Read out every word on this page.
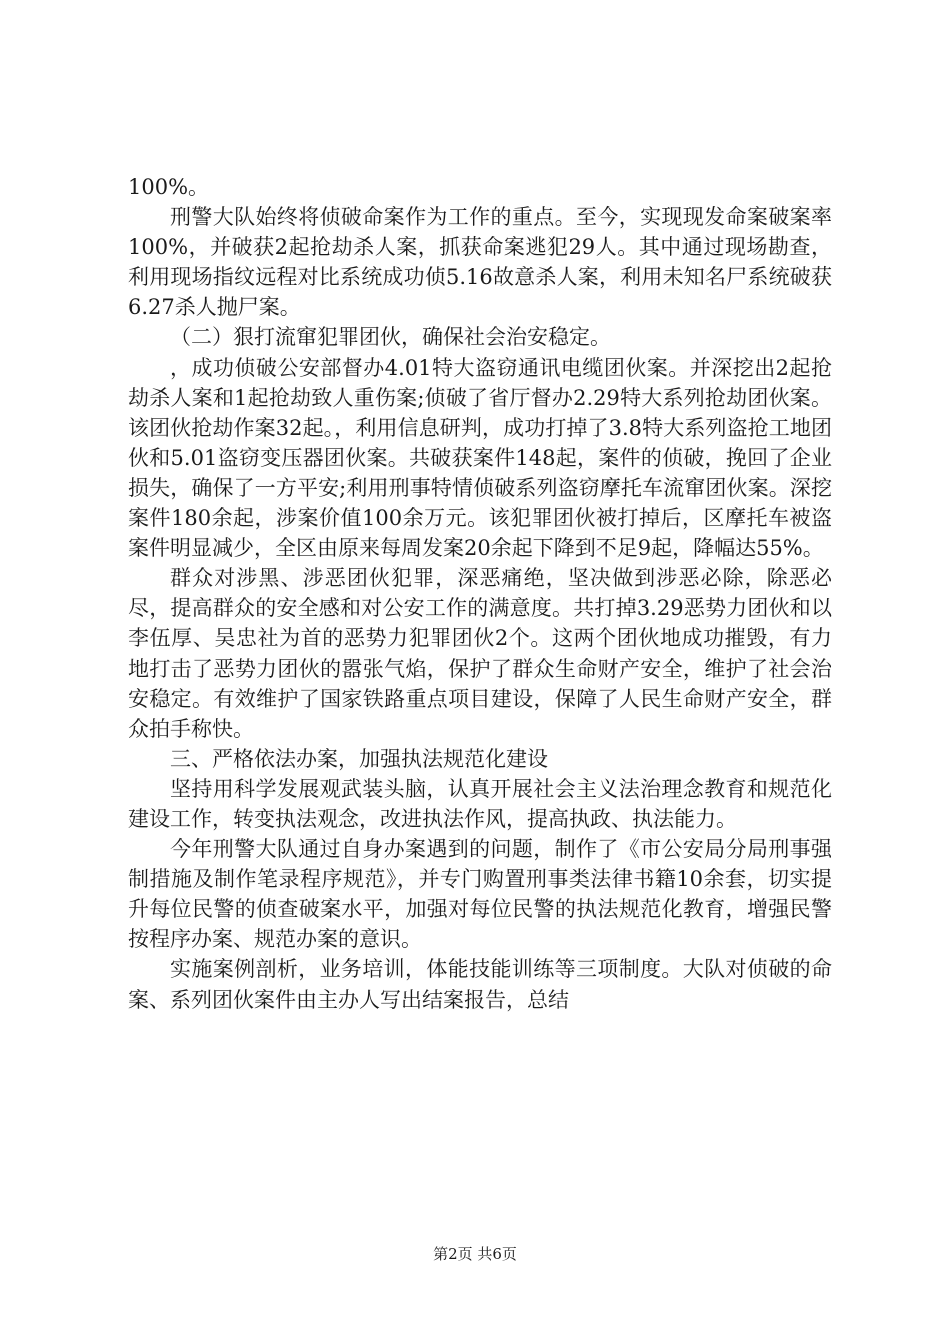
100%。

刑警大队始终将侦破命案作为工作的重点。至今，实现现发命案破案率100%，并破获2起抢劫杀人案，抓获命案逃犯29人。其中通过现场勘查，利用现场指纹远程对比系统成功侦5.16故意杀人案，利用未知名尸系统破获6.27杀人抛尸案。

（二）狠打流窜犯罪团伙，确保社会治安稳定。

，成功侦破公安部督办4.01特大盗窃通讯电缆团伙案。并深挖出2起抢劫杀人案和1起抢劫致人重伤案;侦破了省厅督办2.29特大系列抢劫团伙案。该团伙抢劫作案32起。，利用信息研判，成功打掉了3.8特大系列盗抢工地团伙和5.01盗窃变压器团伙案。共破获案件148起，案件的侦破，挽回了企业损失，确保了一方平安;利用刑事特情侦破系列盗窃摩托车流窜团伙案。深挖案件180余起，涉案价值100余万元。该犯罪团伙被打掉后，区摩托车被盗案件明显减少，全区由原来每周发案20余起下降到不足9起，降幅达55%。

群众对涉黑、涉恶团伙犯罪，深恶痛绝，坚决做到涉恶必除，除恶必尽，提高群众的安全感和对公安工作的满意度。共打掉3.29恶势力团伙和以李伍厚、吴忠社为首的恶势力犯罪团伙2个。这两个团伙地成功摧毁，有力地打击了恶势力团伙的嚣张气焰，保护了群众生命财产安全，维护了社会治安稳定。有效维护了国家铁路重点项目建设，保障了人民生命财产安全，群众拍手称快。

三、严格依法办案，加强执法规范化建设

坚持用科学发展观武装头脑，认真开展社会主义法治理念教育和规范化建设工作，转变执法观念，改进执法作风，提高执政、执法能力。

今年刑警大队通过自身办案遇到的问题，制作了《市公安局分局刑事强制措施及制作笔录程序规范》，并专门购置刑事类法律书籍10余套，切实提升每位民警的侦查破案水平，加强对每位民警的执法规范化教育，增强民警按程序办案、规范办案的意识。

实施案例剖析，业务培训，体能技能训练等三项制度。大队对侦破的命案、系列团伙案件由主办人写出结案报告，总结

第2页 共6页
